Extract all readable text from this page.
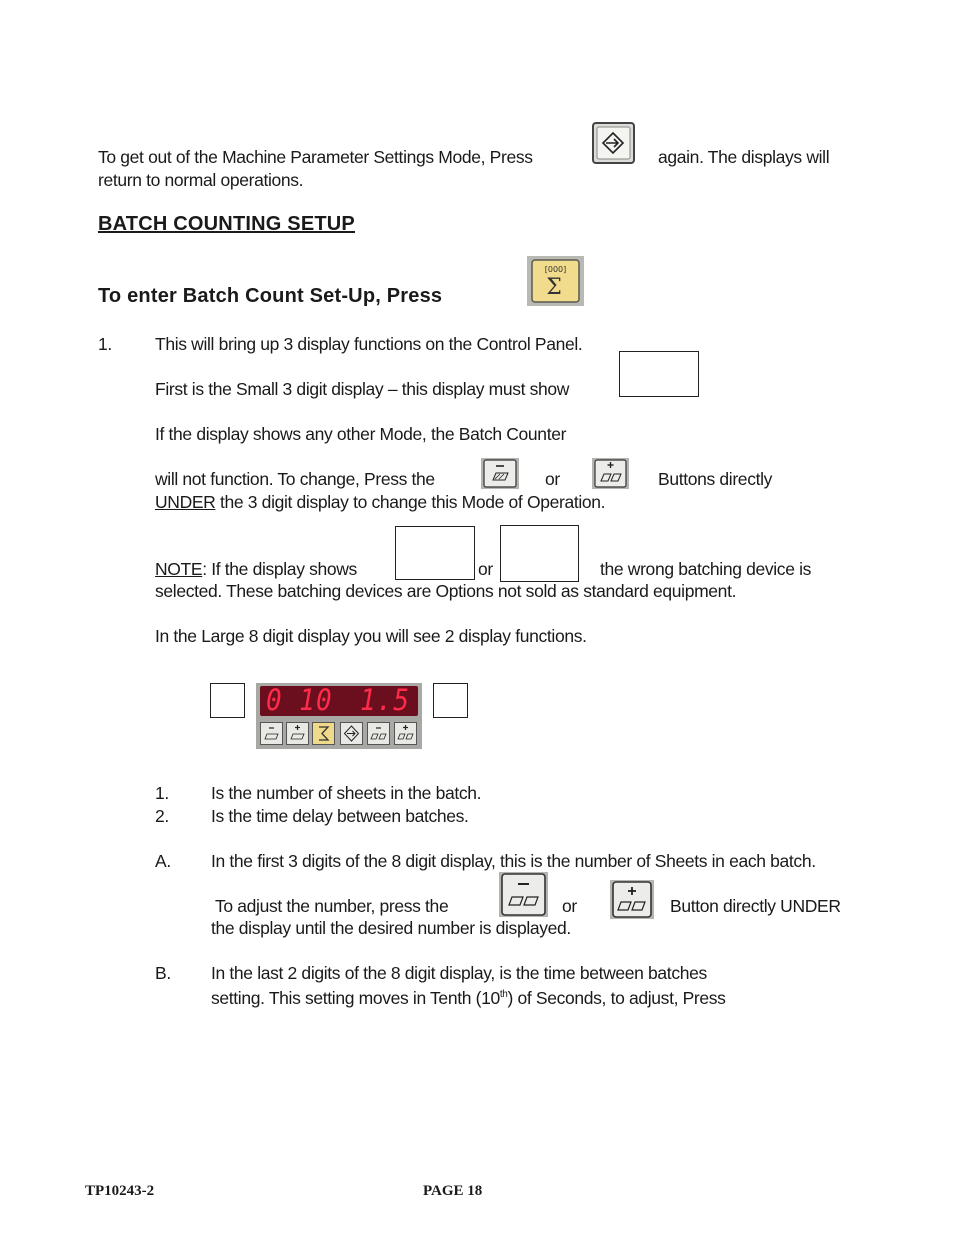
To get out of the Machine Parameter Settings Mode, Press	again. The displays will
return to normal operations.
BATCH COUNTING SETUP
To enter Batch Count Set-Up, Press
[000]
Σ
1. This will bring up 3 display functions on the Control Panel.
First is the Small 3 digit display – this display must show
If the display shows any other Mode, the Batch Counter
will not function. To change, Press the	or	Buttons directly
UNDER the 3 digit display to change this Mode of Operation.
NOTE: If the display shows	or	the wrong batching device is
selected. These batching devices are Options not sold as standard equipment.
In the Large 8 digit display you will see 2 display functions.
0 10 1.5
1. Is the number of sheets in the batch.
2. Is the time delay between batches.
A. In the first 3 digits of the 8 digit display, this is the number of Sheets in each batch.
To adjust the number, press the	or	Button directly UNDER
the display until the desired number is displayed.
B. In the last 2 digits of the 8 digit display, is the time between batches
setting. This setting moves in Tenth (10th) of Seconds, to adjust, Press
TP10243-2	PAGE 18
